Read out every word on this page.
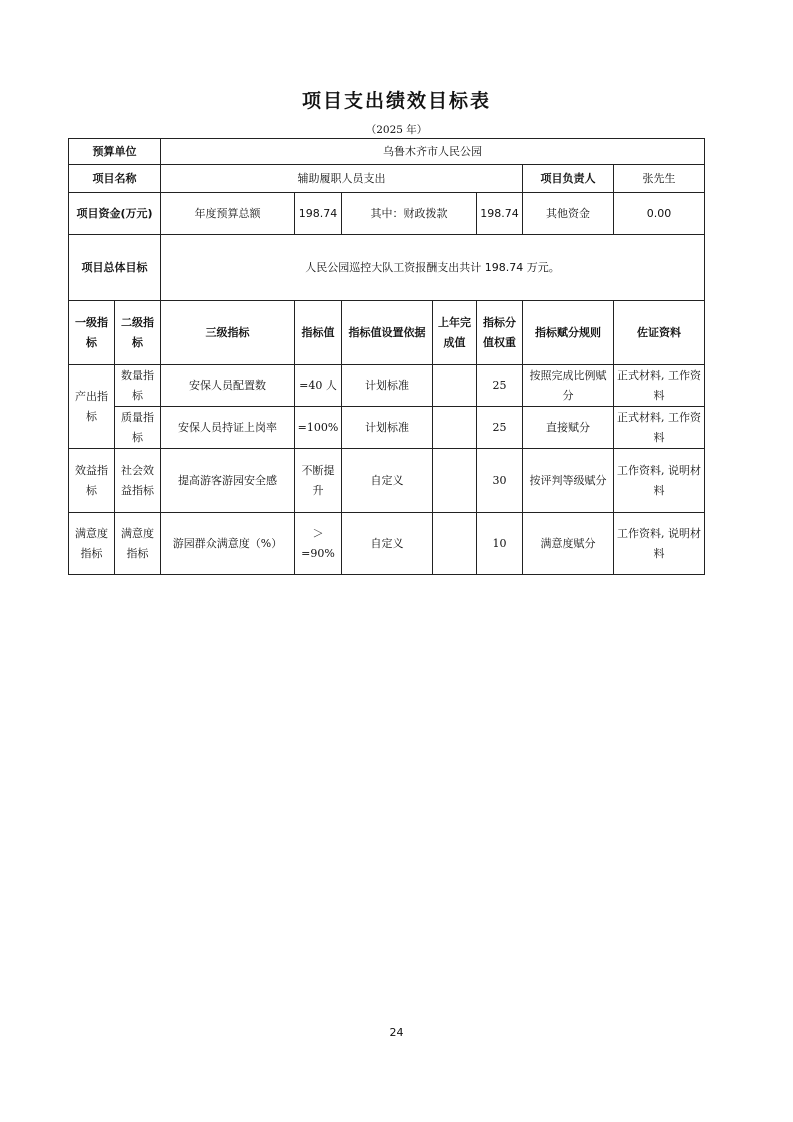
项目支出绩效目标表
（2025 年）
预算单位		乌鲁木齐市人民公园						
项目名称		辅助履职人员支出					项目负责人	张先生
项目资金(万元)		年度预算总额	198.74	其中：财政拨款		198.74	其他资金	0.00
项目总体目标		人民公园巡控大队工资报酬支出共计 198.74 万元。						
一级指标	二级指标	三级指标	指标值	指标值设置依据	上年完成值	指标分值权重	指标赋分规则	佐证资料
产出指标	数量指标	安保人员配置数	=40 人	计划标准		25	按照完成比例赋分	正式材料, 工作资料
	质量指标	安保人员持证上岗率	=100%	计划标准		25	直接赋分	正式材料, 工作资料
效益指标	社会效益指标	提高游客游园安全感	不断提升	自定义		30	按评判等级赋分	工作资料, 说明材料
满意度指标	满意度指标	游园群众满意度（%）	＞=90%	自定义		10	满意度赋分	工作资料, 说明材料
24
